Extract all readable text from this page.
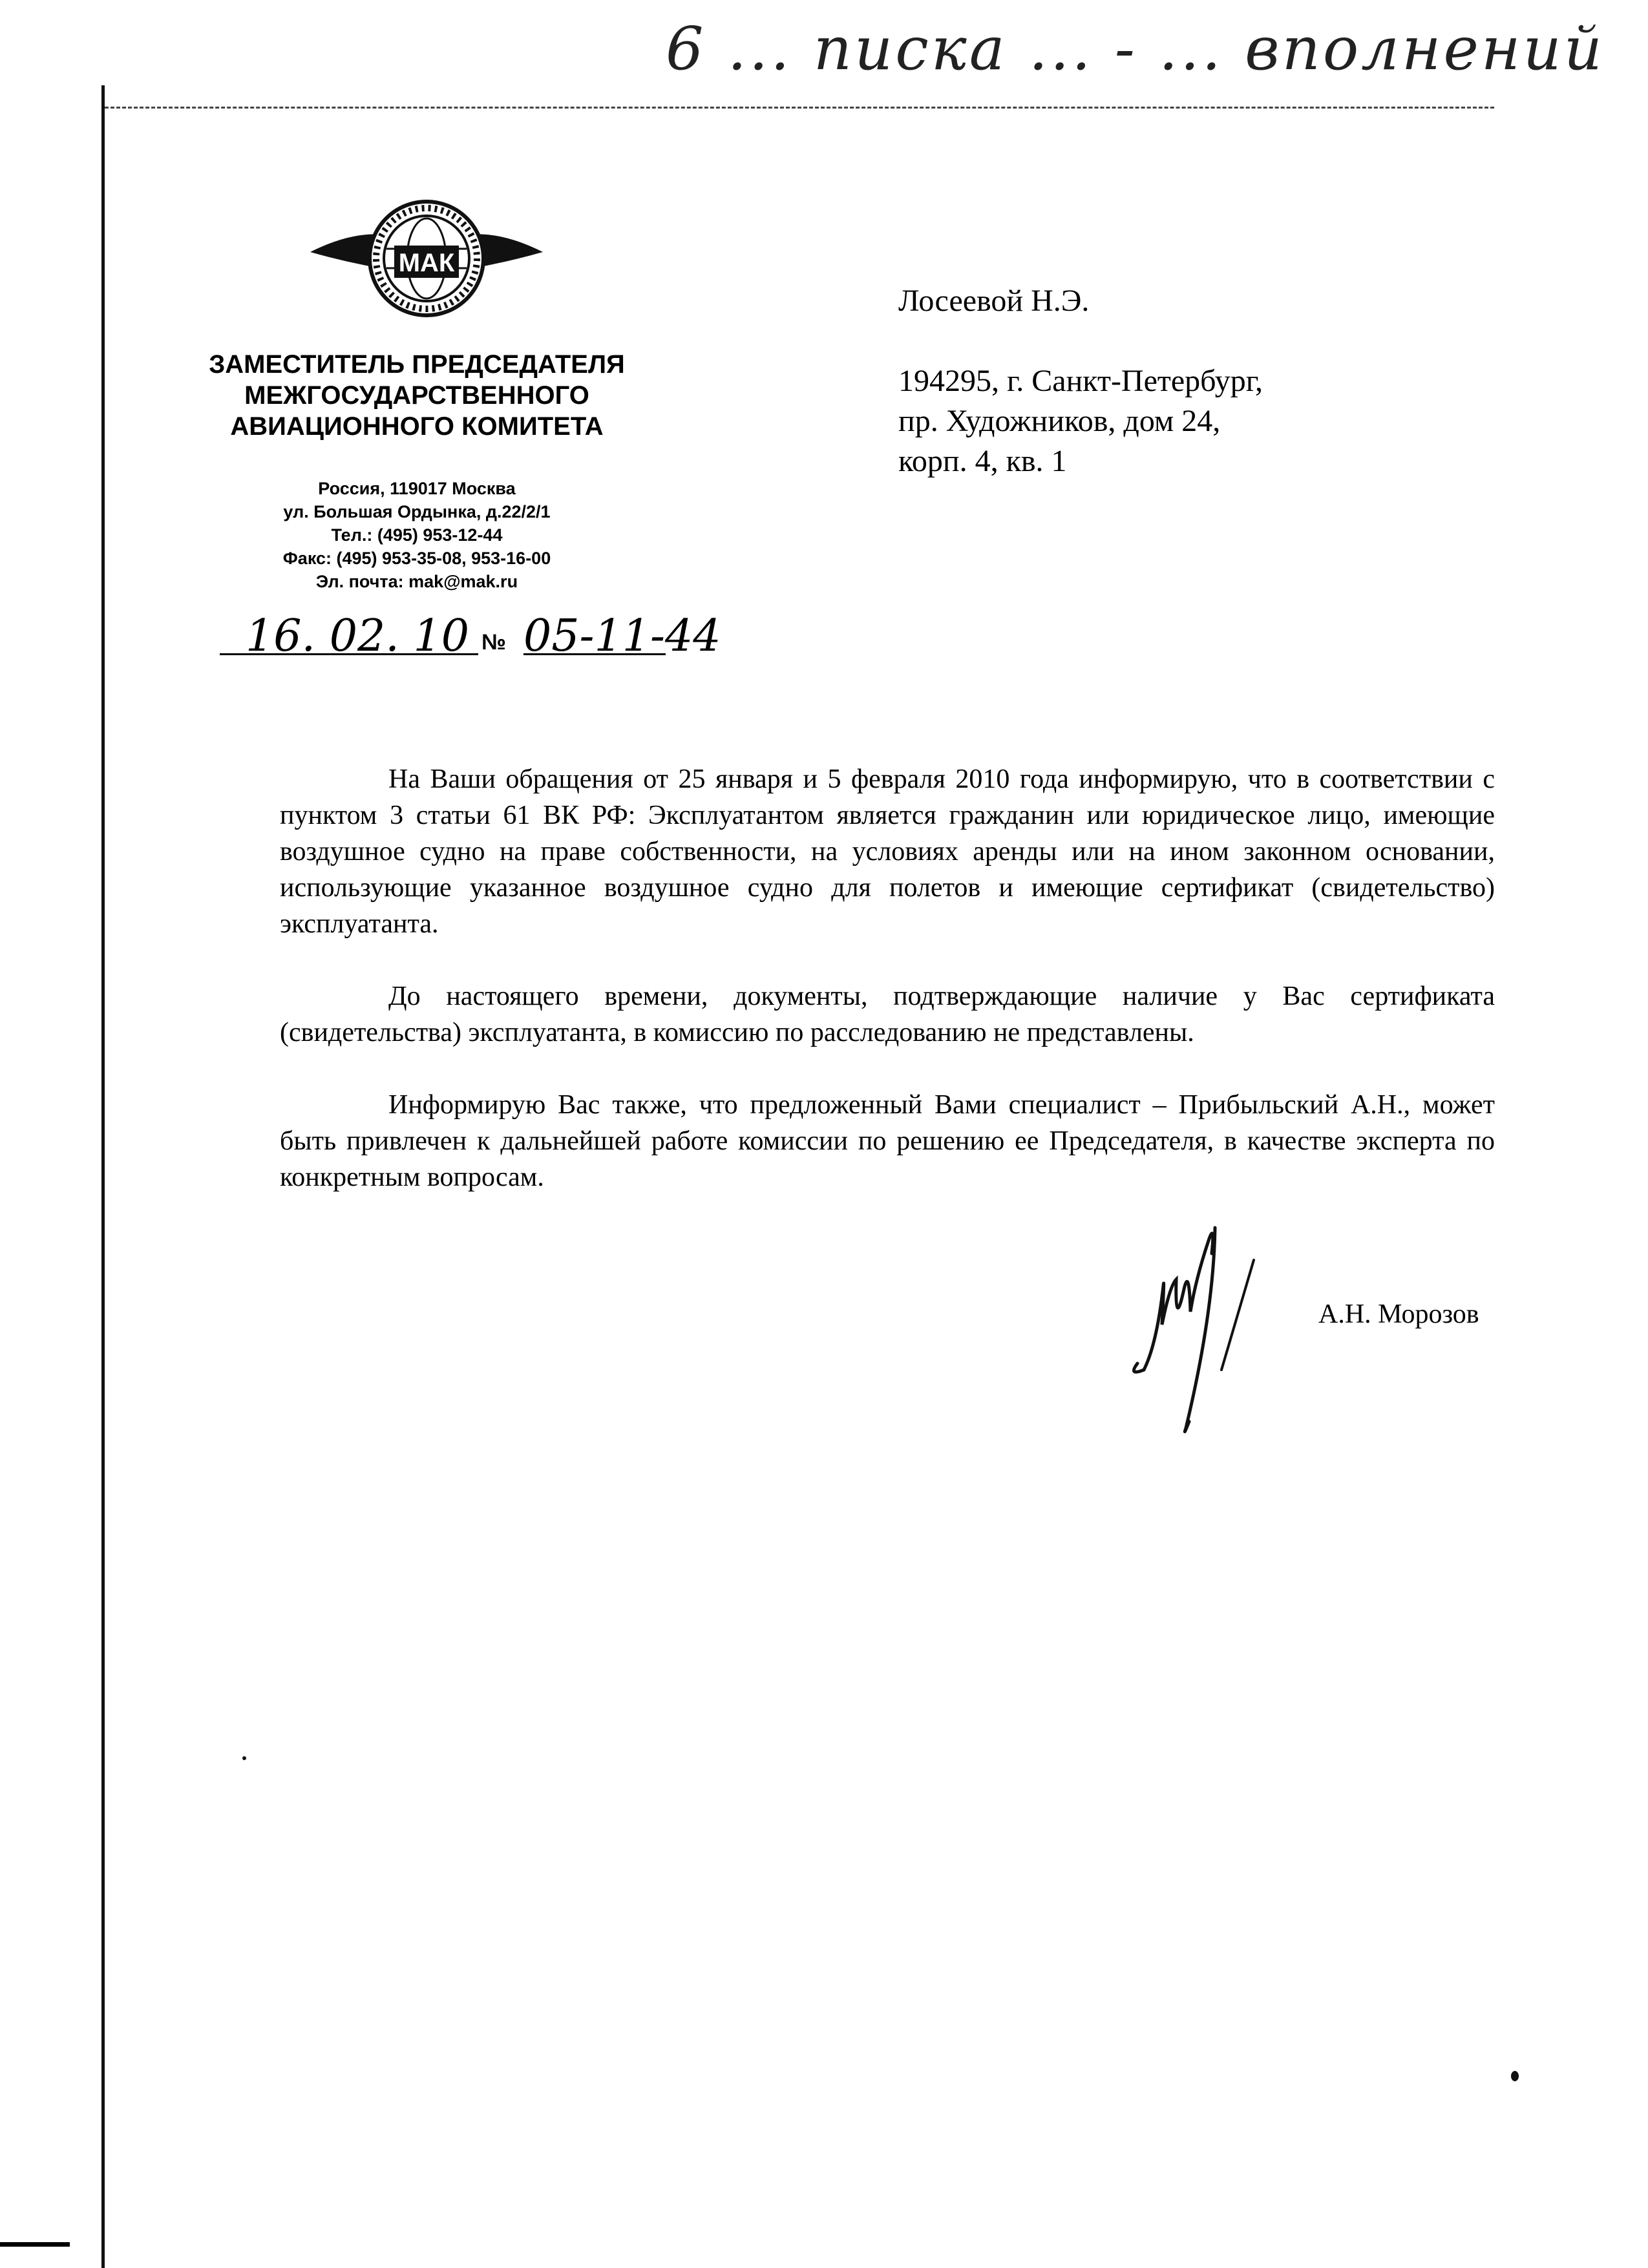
6 ... писка ... - ... вполнений
МАК
ЗАМЕСТИТЕЛЬ ПРЕДСЕДАТЕЛЯ
МЕЖГОСУДАРСТВЕННОГО
АВИАЦИОННОГО КОМИТЕТА
Россия, 119017 Москва
ул. Большая Ордынка, д.22/2/1
Тел.: (495) 953-12-44
Факс: (495) 953-35-08, 953-16-00
Эл. почта: mak@mak.ru
16. 02. 10 № 05-11-44
Лосеевой Н.Э.
194295, г. Санкт-Петербург,
пр. Художников, дом 24,
корп. 4, кв. 1

На Ваши обращения от 25 января и 5 февраля 2010 года информирую, что в соответствии с пунктом 3 статьи 61 ВК РФ: Эксплуатантом является гражданин или юридическое лицо, имеющие воздушное судно на праве собственности, на условиях аренды или на ином законном основании, использующие указанное воздушное судно для полетов и имеющие сертификат (свидетельство) эксплуатанта.

До настоящего времени, документы, подтверждающие наличие у Вас сертификата (свидетельства) эксплуатанта, в комиссию по расследованию не представлены.

Информирую Вас также, что предложенный Вами специалист – Прибыльский А.Н., может быть привлечен к дальнейшей работе комиссии по решению ее Председателя, в качестве эксперта по конкретным вопросам.

А.Н. Морозов
